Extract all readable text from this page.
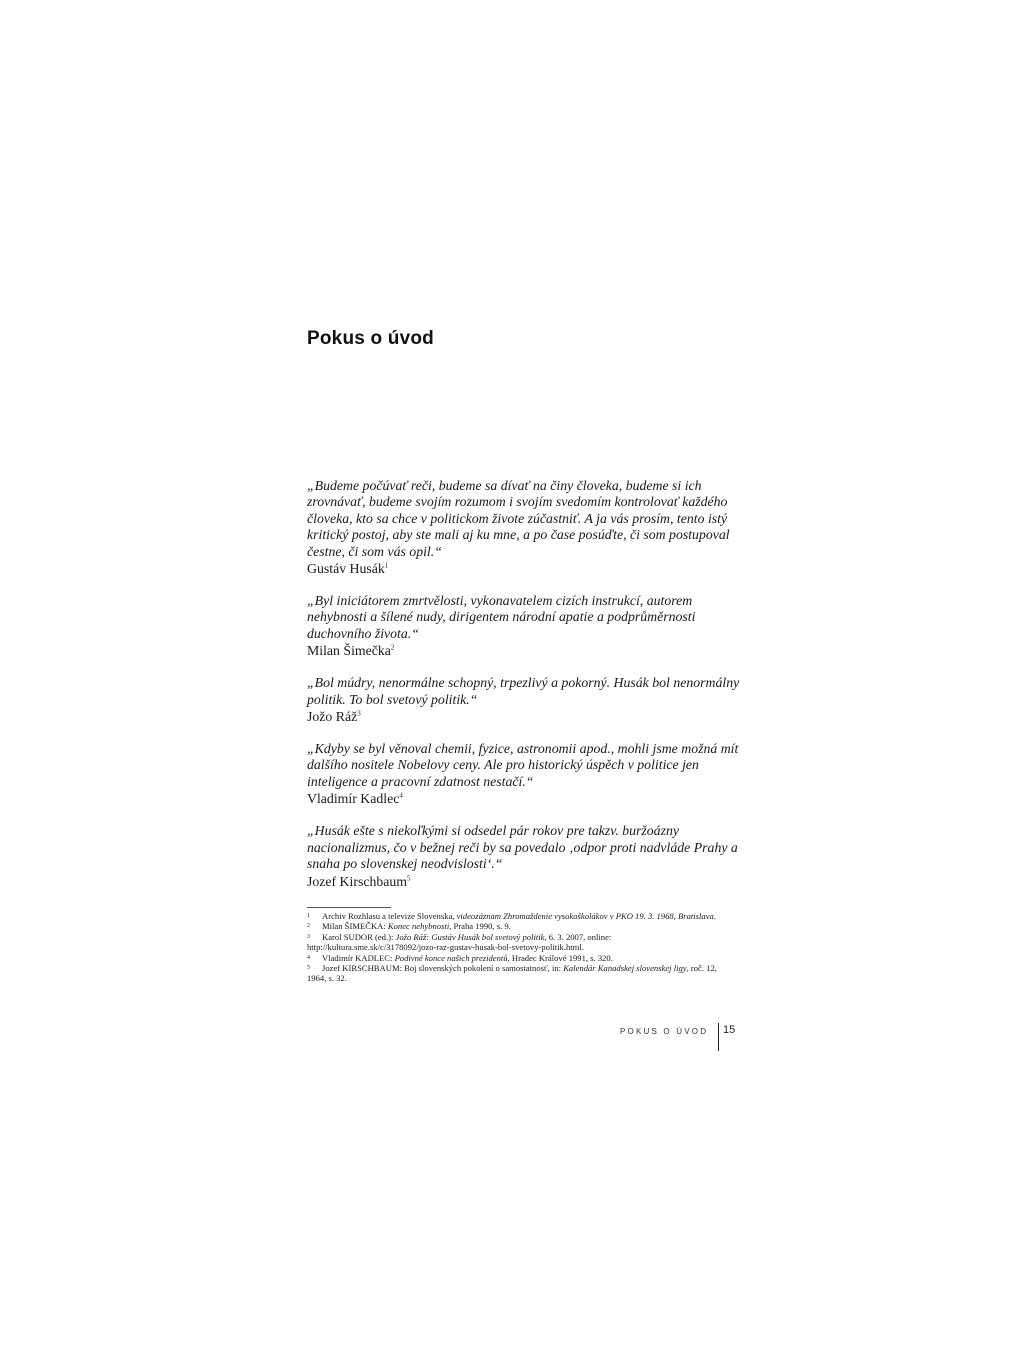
Pokus o úvod

„Budeme počúvať reči, budeme sa dívať na činy človeka, budeme si ich zrovnávať, budeme svojím rozumom i svojím svedomím kontrolovať každého človeka, kto sa chce v politickom živote zúčastniť. A ja vás prosím, tento istý kritický postoj, aby ste mali aj ku mne, a po čase posúďte, či som postupoval čestne, či som vás opil.“

Gustáv Husák$^1$

„Byl iniciátorem zmrtvělosti, vykonavatelem cizích instrukcí, autorem nehybnosti a šílené nudy, dirigentem národní apatie a podprůměrnosti duchovního života.“

Milan Šimečka$^2$

„Bol múdry, nenormálne schopný, trpezlivý a pokorný. Husák bol nenormálny politik. To bol svetový politik.“

Jožo Ráž$^3$

„Kdyby se byl věnoval chemii, fyzice, astronomii apod., mohli jsme možná mít dalšího nositele Nobelovy ceny. Ale pro historický úspěch v politice jen inteligence a pracovní zdatnost nestačí.“

Vladimír Kadlec$^4$

„Husák ešte s niekoľkými si odsedel pár rokov pre takzv. buržoázny nacionalizmus, čo v bežnej reči by sa povedalo ‚odpor proti nadvláde Prahy a snaha po slovenskej neodvislosti‘.“

Jozef Kirschbaum$^5$

1 Archiv Rozhlasu a televize Slovenska, videozáznam Zhromaždenie vysokoškolákov v PKO 19. 3. 1968, Bratislava.

2 Milan ŠIMEČKA: Konec nehybnosti, Praha 1990, s. 9.

3 Karol SUDOR (ed.): Jožo Ráž: Gustáv Husák bol svetový politik, 6. 3. 2007, online: http://kultura.sme.sk/c/3178092/jozo-raz-gustav-husak-bol-svetovy-politik.html.

4 Vladimír KADLEC: Podivné konce našich prezidentů, Hradec Králové 1991, s. 320.

5 Jozef KIRSCHBAUM: Boj slovenských pokolení o samostatnosť, in: Kalendár Kanadskej slovenskej ligy, roč. 12, 1964, s. 32.

POKUS O ÚVOD 15
